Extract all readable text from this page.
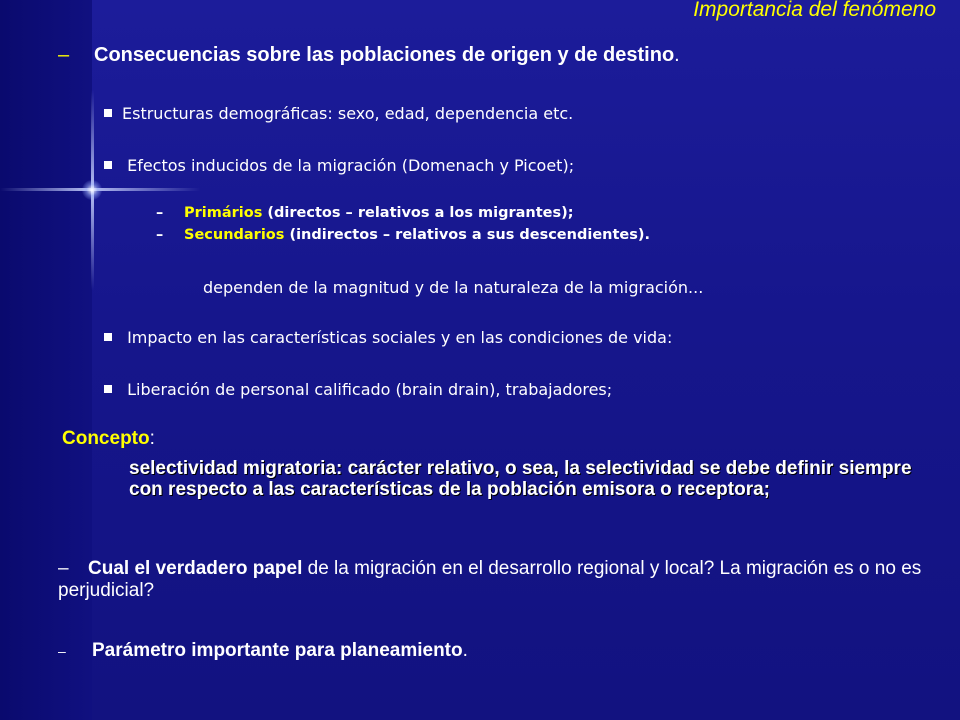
Importancia del fenómeno
– Consecuencias sobre las poblaciones de origen y de destino.
Estructuras demográficas: sexo, edad, dependencia etc.
Efectos inducidos de la migración (Domenach y Picoet);
– Primários (directos – relativos a los migrantes);
– Secundarios (indirectos – relativos a sus descendientes).
dependen de la magnitud y de la naturaleza de la migración...
Impacto en las características sociales y en las condiciones de vida:
Liberación de personal calificado (brain drain), trabajadores;
Concepto:
selectividad migratoria: carácter relativo, o sea, la selectividad se debe definir siempre con respecto a las características de la población emisora o receptora;
– Cual el verdadero papel de la migración en el desarrollo regional y local? La migración es o no es perjudicial?
– Parámetro importante para planeamiento.
